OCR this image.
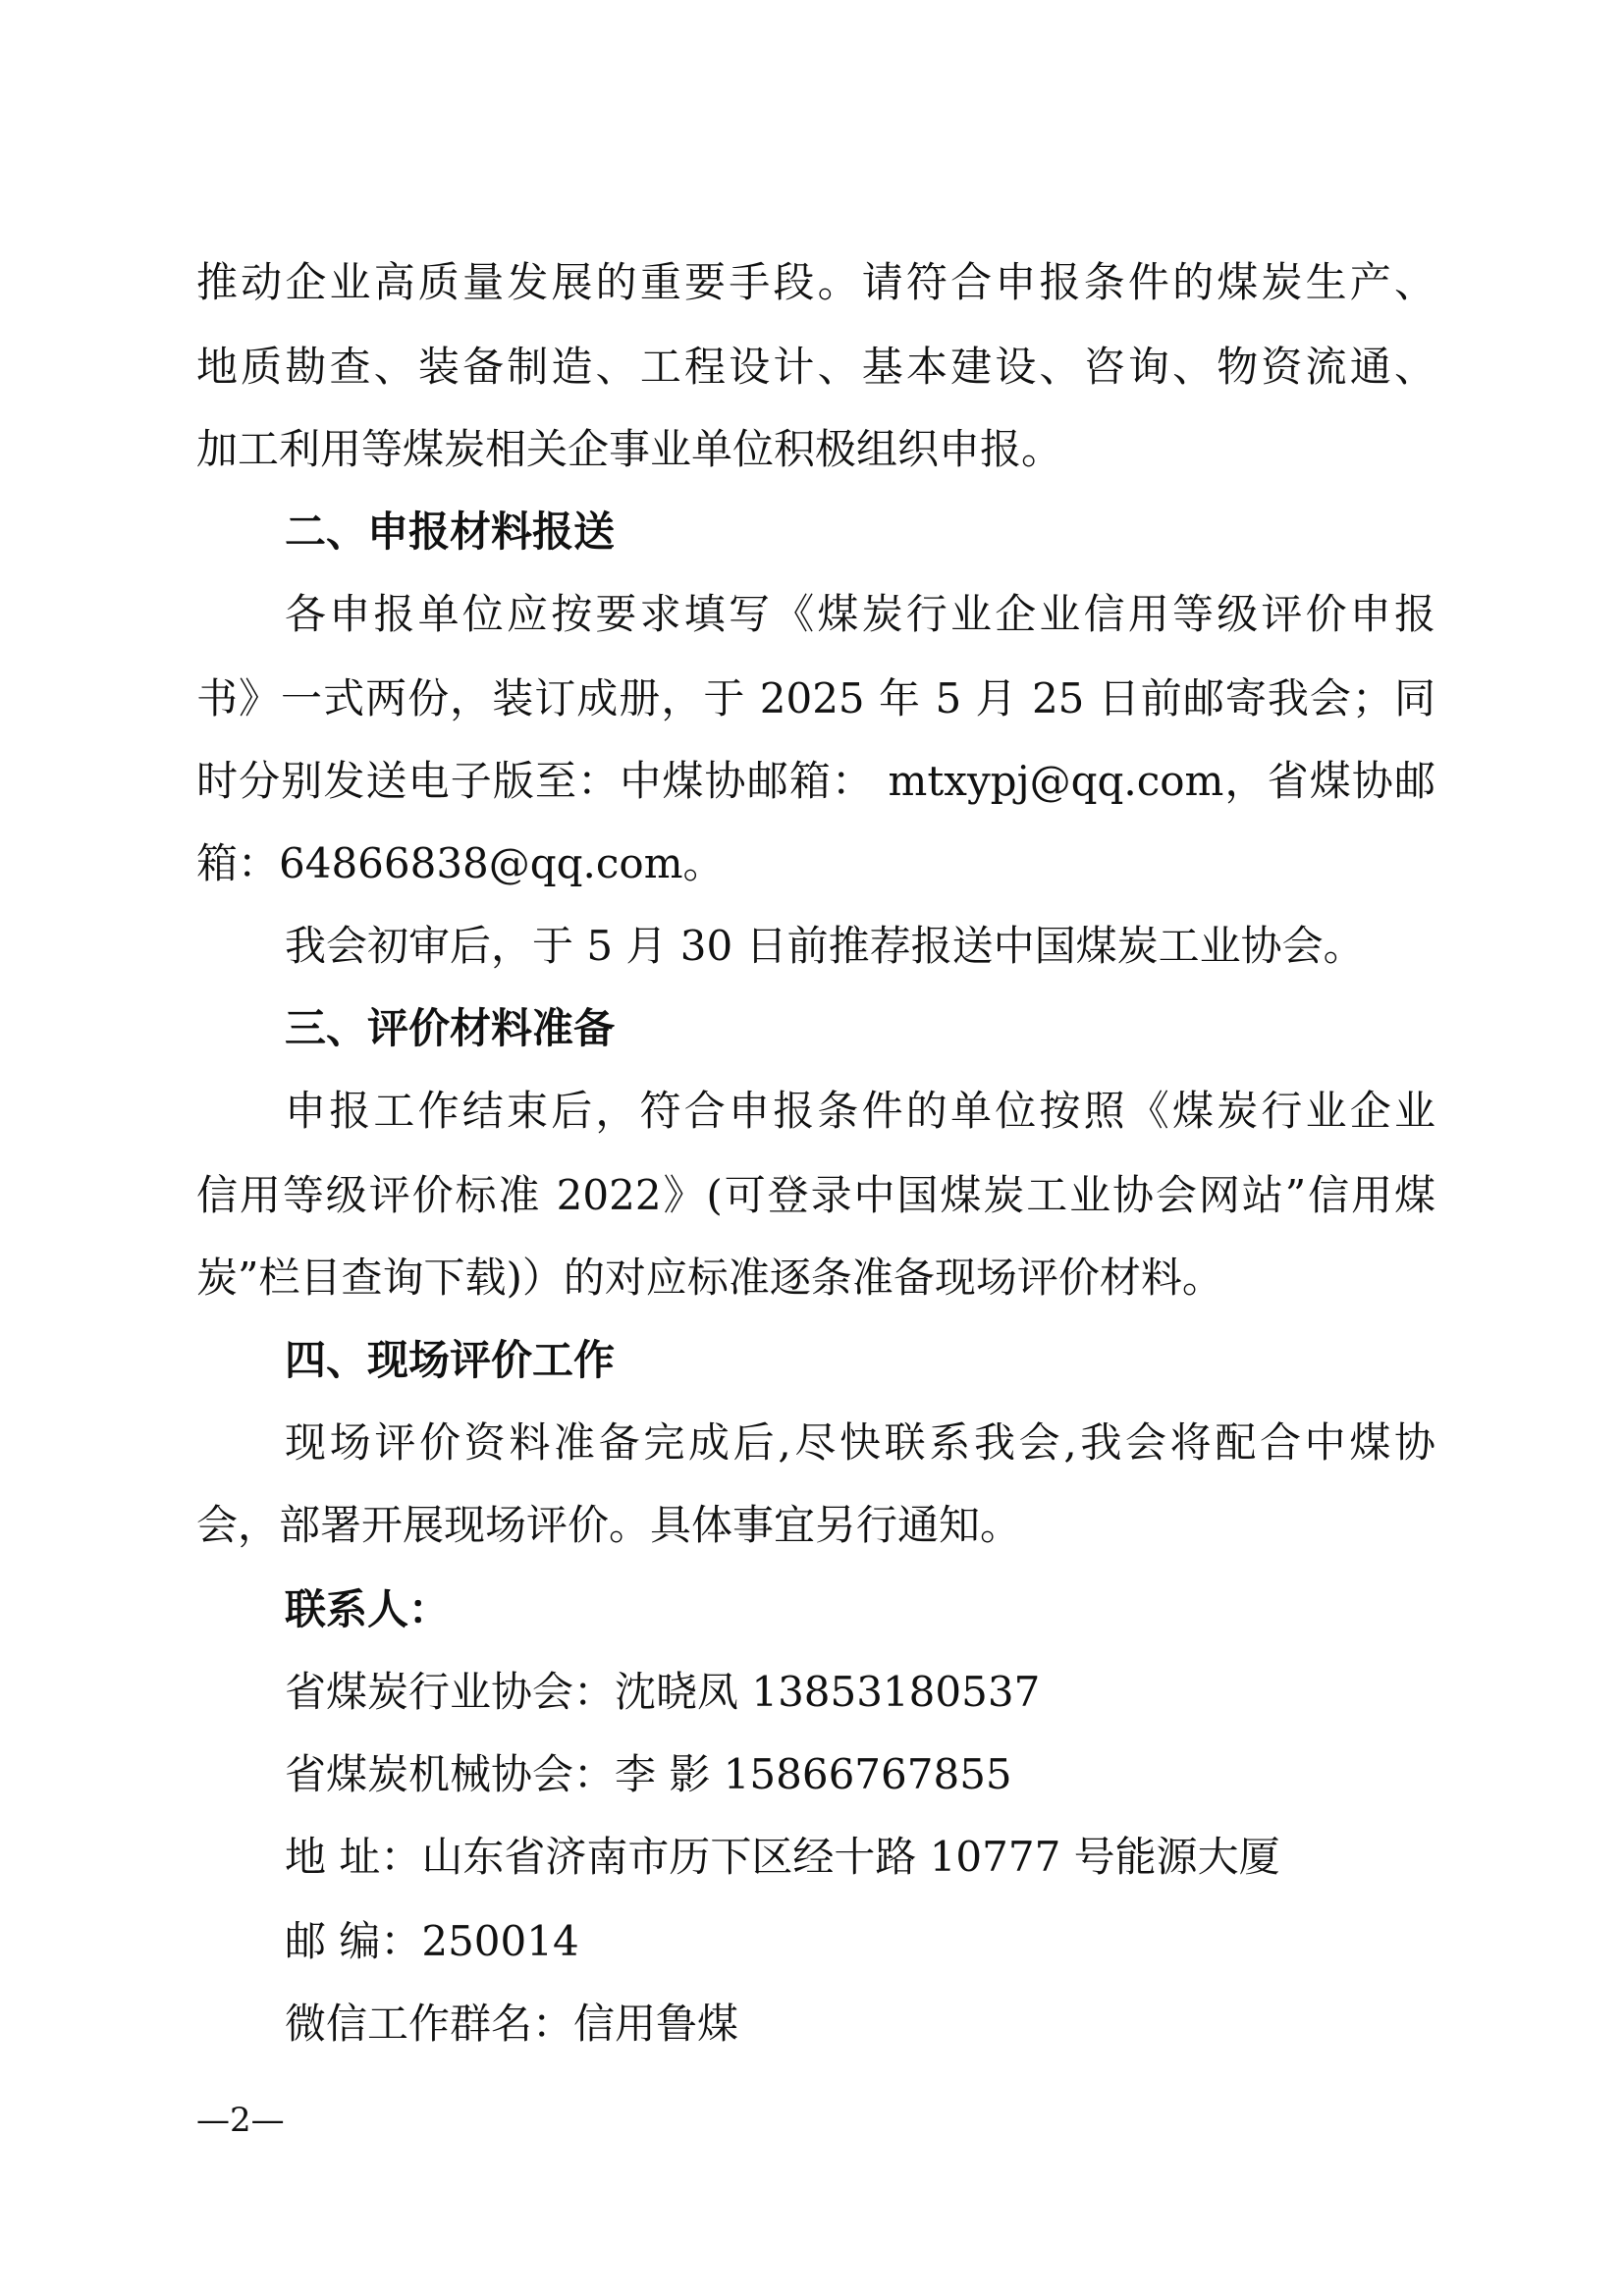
推动企业高质量发展的重要手段。请符合申报条件的煤炭生产、
地质勘查、装备制造、工程设计、基本建设、咨询、物资流通、
加工利用等煤炭相关企事业单位积极组织申报。
二、申报材料报送
各申报单位应按要求填写《煤炭行业企业信用等级评价申报
书》一式两份，装订成册，于 2025 年 5 月 25 日前邮寄我会；同
时分别发送电子版至：中煤协邮箱： mtxypj@qq.com，省煤协邮
箱：64866838@qq.com。
我会初审后，于 5 月 30 日前推荐报送中国煤炭工业协会。
三、评价材料准备
申报工作结束后，符合申报条件的单位按照《煤炭行业企业
信用等级评价标准 2022》(可登录中国煤炭工业协会网站”信用煤
炭”栏目查询下载)）的对应标准逐条准备现场评价材料。
四、现场评价工作
现场评价资料准备完成后,尽快联系我会,我会将配合中煤协
会，部署开展现场评价。具体事宜另行通知。
联系人：
省煤炭行业协会：沈晓凤 13853180537
省煤炭机械协会：李 影 15866767855
地 址：山东省济南市历下区经十路 10777 号能源大厦
邮 编：250014
微信工作群名：信用鲁煤
—2—
